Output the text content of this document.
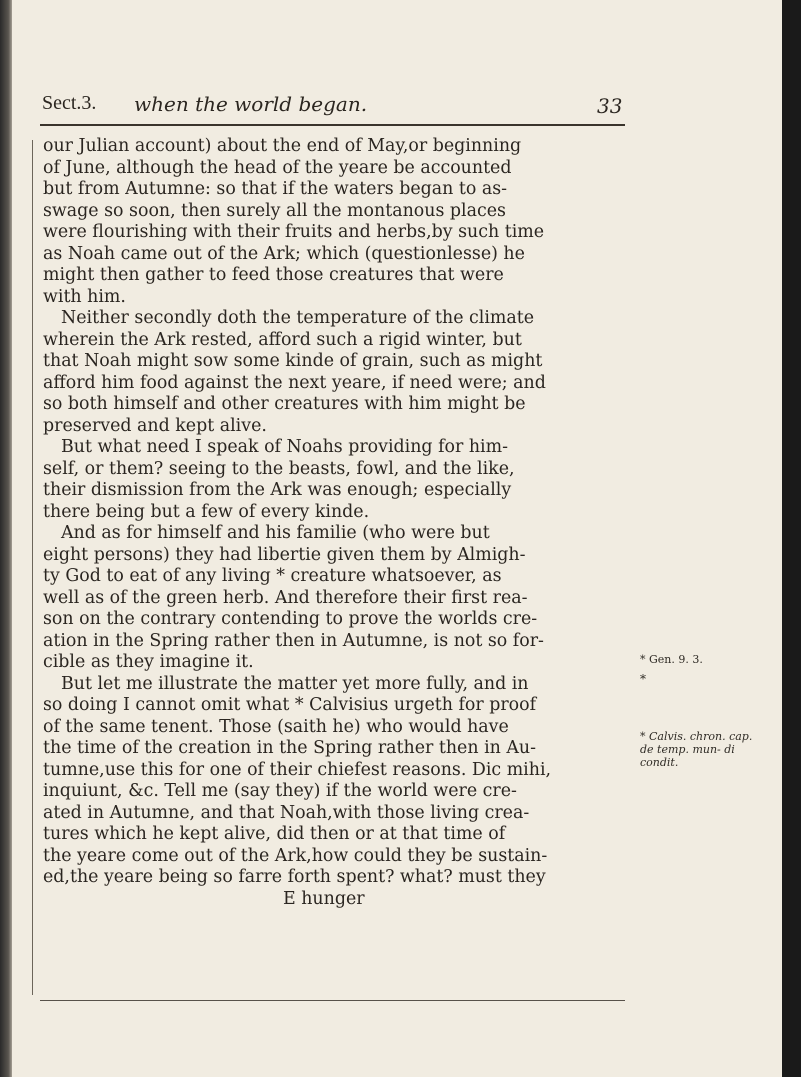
Sect.3. when the world began.	33
our Julian account) about the end of May,or beginning
of June, although the head of the yeare be accounted
but from Autumne: so that if the waters began to as-
swage so soon, then surely all the montanous places
were flourishing with their fruits and herbs,by such time
as Noah came out of the Ark; which (questionlesse) he
might then gather to feed those creatures that were
with him.
Neither secondly doth the temperature of the climate
wherein the Ark rested, afford such a rigid winter, but
that Noah might sow some kinde of grain, such as might
afford him food against the next yeare, if need were; and
so both himself and other creatures with him might be
preserved and kept alive.
But what need I speak of Noahs providing for him-
self, or them? seeing to the beasts, fowl, and the like,
their dismission from the Ark was enough; especially
there being but a few of every kinde.
And as for himself and his familie (who were but
eight persons) they had libertie given them by Almigh-
ty God to eat of any living * creature whatsoever, as
well as of the green herb. And therefore their first rea-
son on the contrary contending to prove the worlds cre-
ation in the Spring rather then in Autumne, is not so for-
cible as they imagine it.
But let me illustrate the matter yet more fully, and in
so doing I cannot omit what * Calvisius urgeth for proof
of the same tenent. Those (saith he) who would have
the time of the creation in the Spring rather then in Au-
tumne,use this for one of their chiefest reasons. Dic mihi,
inquiunt, &c. Tell me (say they) if the world were cre-
ated in Autumne, and that Noah,with those living crea-
tures which he kept alive, did then or at that time of
the yeare come out of the Ark,how could they be sustain-
ed,the yeare being so farre forth spent? what? must they
E hunger
* Gen. 9. 3.
*
* Calvis. chron. cap. de temp. mun- di condit.
